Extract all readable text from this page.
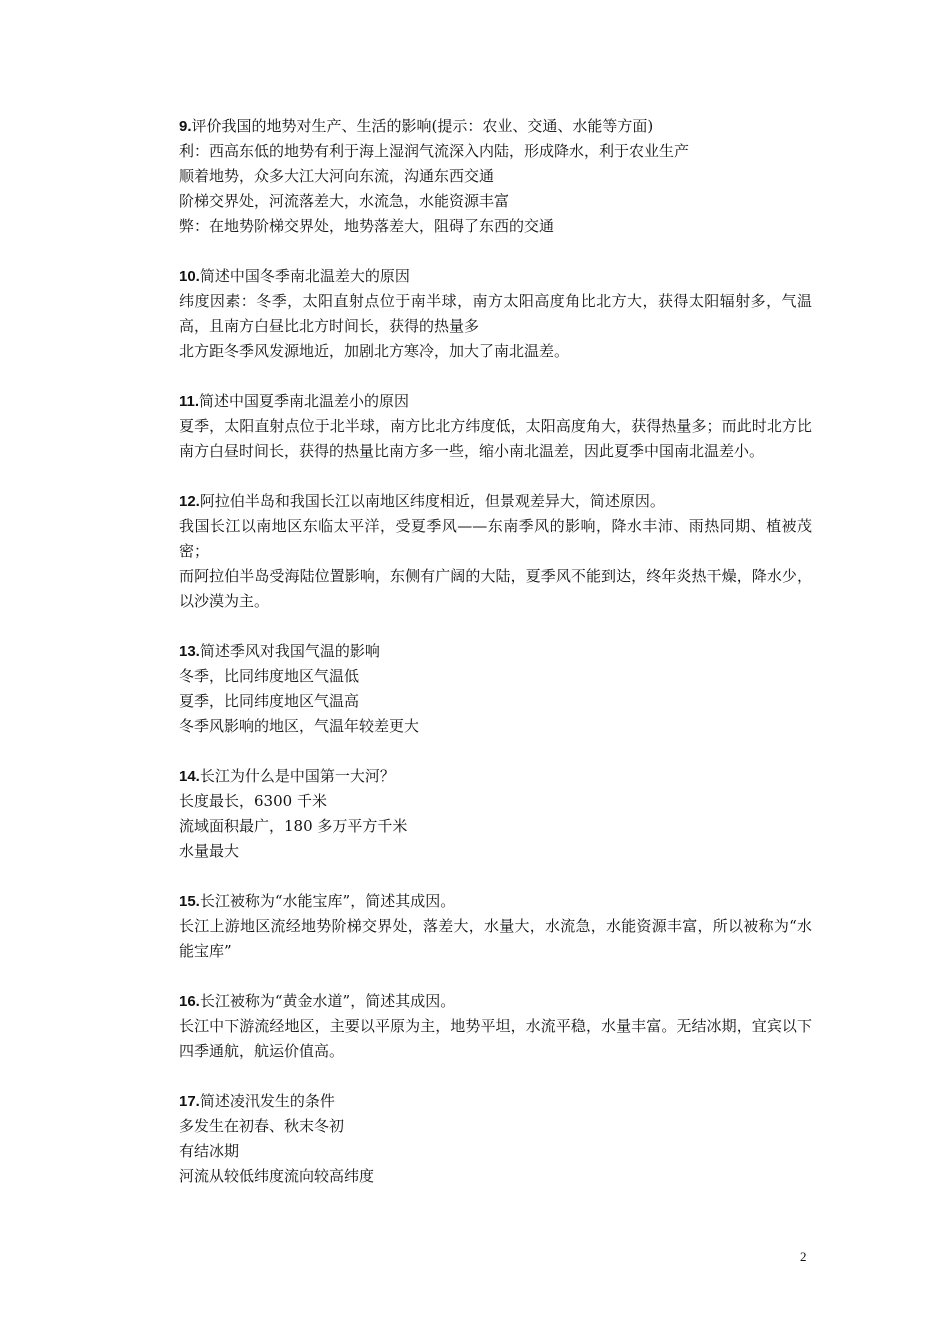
9.评价我国的地势对生产、生活的影响(提示：农业、交通、水能等方面)
利：西高东低的地势有利于海上湿润气流深入内陆，形成降水，利于农业生产
顺着地势，众多大江大河向东流，沟通东西交通
阶梯交界处，河流落差大，水流急，水能资源丰富
弊：在地势阶梯交界处，地势落差大，阻碍了东西的交通
10.简述中国冬季南北温差大的原因
纬度因素：冬季，太阳直射点位于南半球，南方太阳高度角比北方大，获得太阳辐射多，气温高，且南方白昼比北方时间长，获得的热量多
北方距冬季风发源地近，加剧北方寒冷，加大了南北温差。
11.简述中国夏季南北温差小的原因
夏季，太阳直射点位于北半球，南方比北方纬度低，太阳高度角大，获得热量多；而此时北方比南方白昼时间长，获得的热量比南方多一些，缩小南北温差，因此夏季中国南北温差小。
12.阿拉伯半岛和我国长江以南地区纬度相近，但景观差异大，简述原因。
我国长江以南地区东临太平洋，受夏季风——东南季风的影响，降水丰沛、雨热同期、植被茂密；
而阿拉伯半岛受海陆位置影响，东侧有广阔的大陆，夏季风不能到达，终年炎热干燥，降水少，以沙漠为主。
13.简述季风对我国气温的影响
冬季，比同纬度地区气温低
夏季，比同纬度地区气温高
冬季风影响的地区，气温年较差更大
14.长江为什么是中国第一大河？
长度最长，6300 千米
流域面积最广，180 多万平方千米
水量最大
15.长江被称为“水能宝库”，简述其成因。
长江上游地区流经地势阶梯交界处，落差大，水量大，水流急，水能资源丰富，所以被称为“水能宝库”
16.长江被称为“黄金水道”，简述其成因。
长江中下游流经地区，主要以平原为主，地势平坦，水流平稳，水量丰富。无结冰期，宜宾以下四季通航，航运价值高。
17.简述凌汛发生的条件
多发生在初春、秋末冬初
有结冰期
河流从较低纬度流向较高纬度
2
